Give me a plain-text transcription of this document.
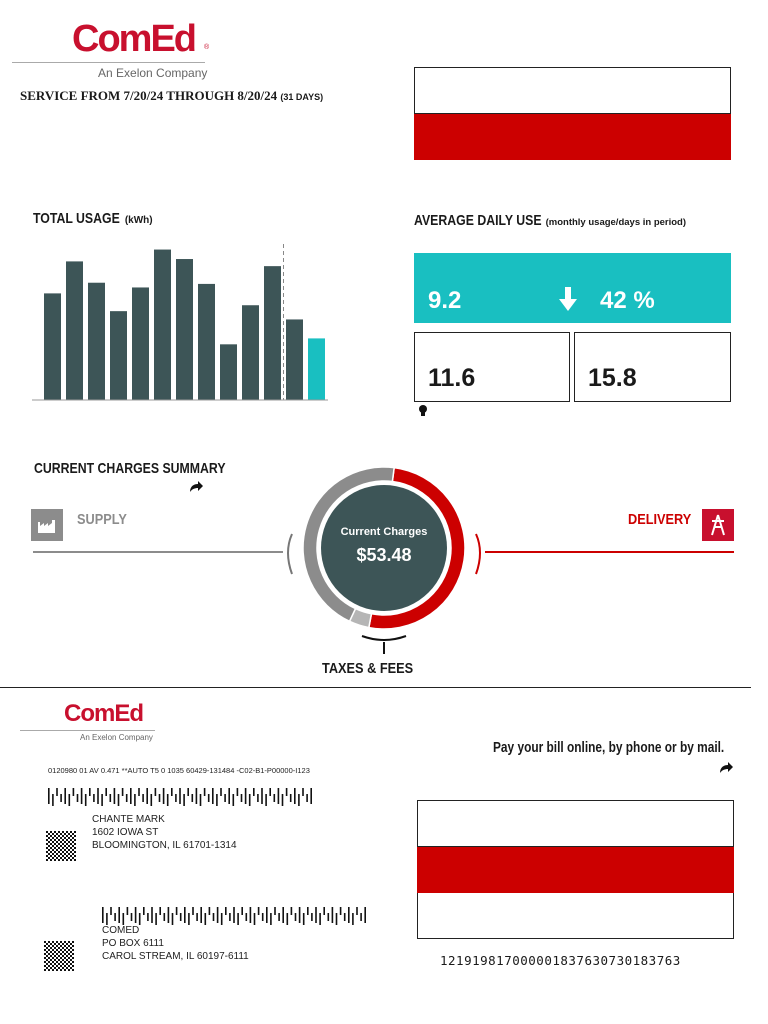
ComEd ®
An Exelon Company
SERVICE FROM 7/20/24 THROUGH 8/20/24 (31 DAYS)
TOTAL USAGE (kWh)	AVERAGE DAILY USE (monthly usage/days in period)
9.2	42 %
11.6	15.8
CURRENT CHARGES SUMMARY
SUPPLY	DELIVERY
Current Charges
$53.48
TAXES & FEES
ComEd
An Exelon Company
Pay your bill online, by phone or by mail.
0120980 01 AV 0.471 **AUTO T5 0 1035 60429-131484 -C02-B1-P00000-I123
CHANTE MARK
1602 IOWA ST
BLOOMINGTON, IL 61701-1314
COMED
PO BOX 6111
CAROL STREAM, IL 60197-6111	121919817000001837630730183763
